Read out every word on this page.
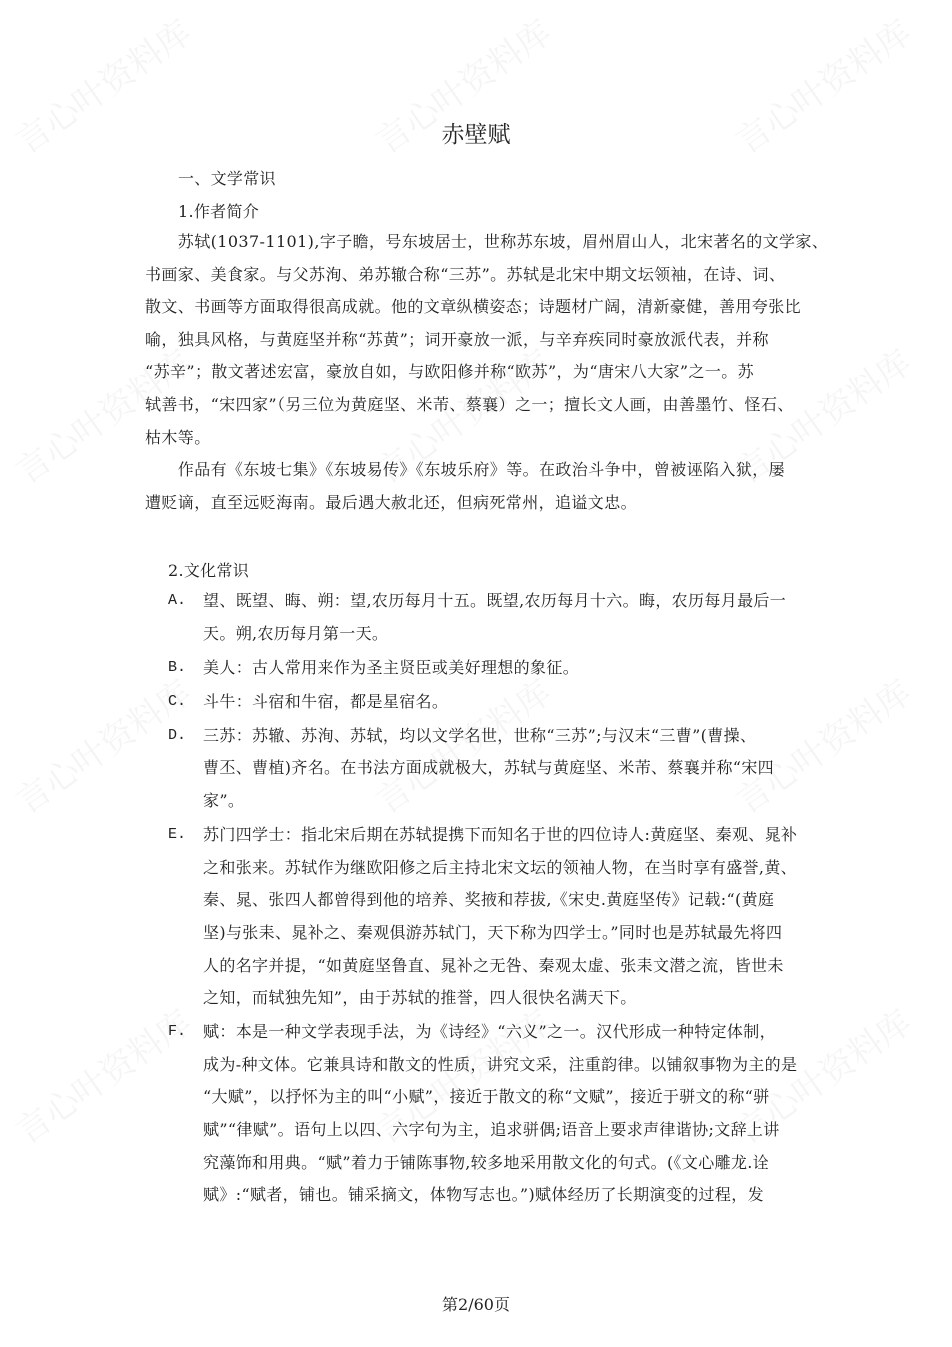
赤壁赋
一、文学常识
1.作者简介
　　苏轼(1037-1101),字子瞻，号东坡居士，世称苏东坡，眉州眉山人，北宋著名的文学家、
书画家、美食家。与父苏洵、弟苏辙合称“三苏”。苏轼是北宋中期文坛领袖，在诗、词、
散文、书画等方面取得很高成就。他的文章纵横姿态；诗题材广阔，清新豪健，善用夸张比
喻，独具风格，与黄庭坚并称“苏黄”；词开豪放一派，与辛弃疾同时豪放派代表，并称
“苏辛”；散文著述宏富，豪放自如，与欧阳修并称“欧苏”，为“唐宋八大家”之一。苏
轼善书，“宋四家”（另三位为黄庭坚、米芾、蔡襄）之一；擅长文人画，由善墨竹、怪石、
枯木等。
　　作品有《东坡七集》《东坡易传》《东坡乐府》等。在政治斗争中，曾被诬陷入狱，屡
遭贬谪，直至远贬海南。最后遇大赦北还，但病死常州，追谥文忠。
2.文化常识
A. 望、既望、晦、朔：望,农历每月十五。既望,农历每月十六。晦，农历每月最后一
天。朔,农历每月第一天。
B. 美人：古人常用来作为圣主贤臣或美好理想的象征。
C. 斗牛：斗宿和牛宿，都是星宿名。
D. 三苏：苏辙、苏洵、苏轼，均以文学名世，世称“三苏”;与汉末“三曹”(曹操、
曹丕、曹植)齐名。在书法方面成就极大，苏轼与黄庭坚、米芾、蔡襄并称“宋四
家”。
E. 苏门四学士：指北宋后期在苏轼提携下而知名于世的四位诗人:黄庭坚、秦观、晁补
之和张来。苏轼作为继欧阳修之后主持北宋文坛的领袖人物，在当时享有盛誉,黄、
秦、晁、张四人都曾得到他的培养、奖掖和荐拔,《宋史.黄庭坚传》记载:“(黄庭
坚)与张耒、晁补之、秦观俱游苏轼门，天下称为四学士。”同时也是苏轼最先将四
人的名字并提，“如黄庭坚鲁直、晁补之无咎、秦观太虚、张耒文潜之流，皆世未
之知，而轼独先知”，由于苏轼的推誉，四人很快名满天下。
F. 赋：本是一种文学表现手法，为《诗经》“六义”之一。汉代形成一种特定体制，
成为-种文体。它兼具诗和散文的性质，讲究文采，注重韵律。以铺叙事物为主的是
“大赋”，以抒怀为主的叫“小赋”，接近于散文的称“文赋”，接近于骈文的称“骈
赋”“律赋”。语句上以四、六字句为主，追求骈偶;语音上要求声律谐协;文辞上讲
究藻饰和用典。“赋”着力于铺陈事物,较多地采用散文化的句式。(《文心雕龙.诠
赋》:“赋者，铺也。铺采摘文，体物写志也。”)赋体经历了长期演变的过程，发
第2/60页
